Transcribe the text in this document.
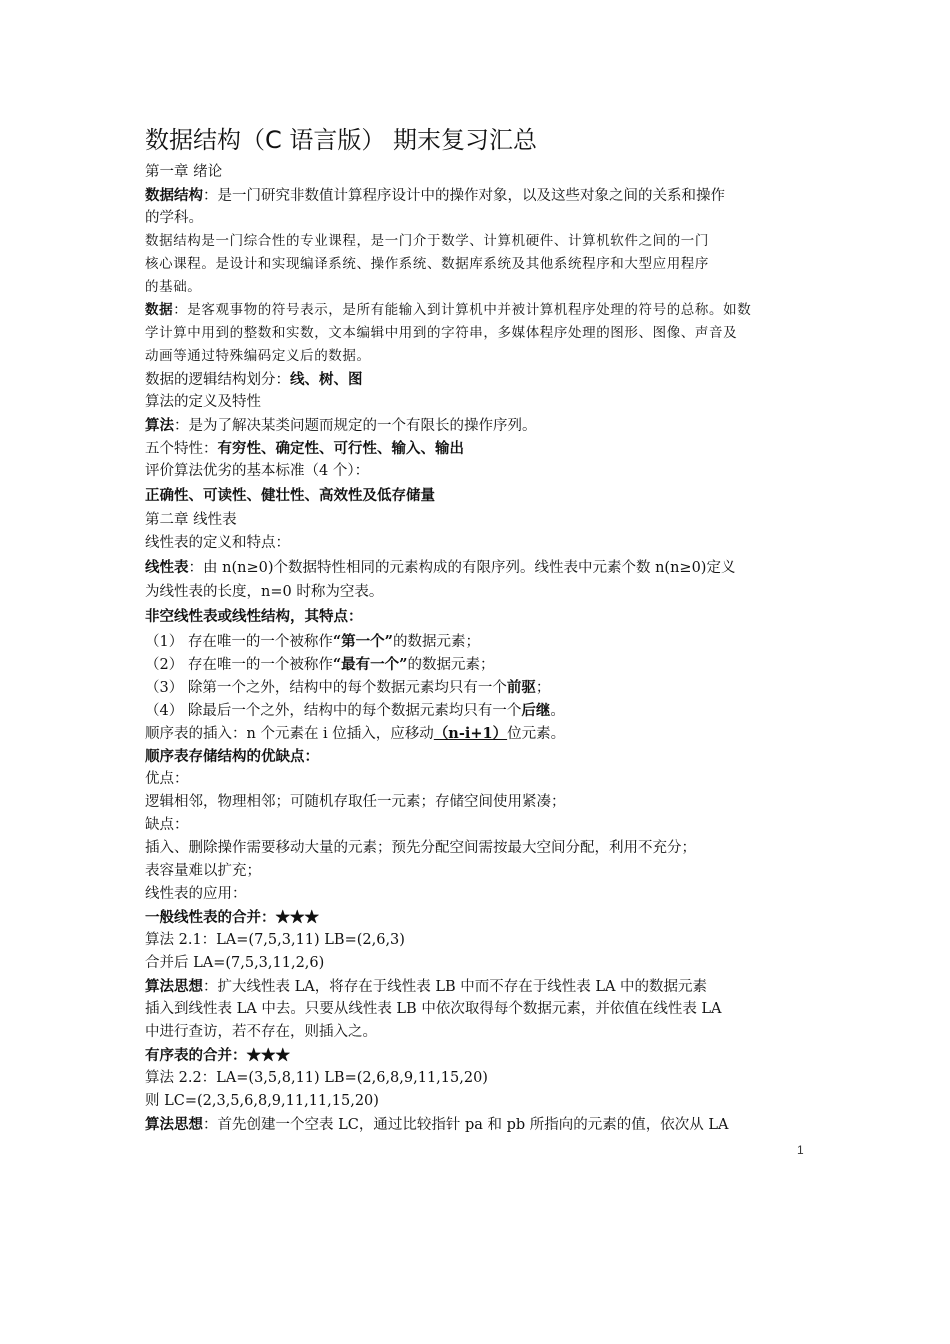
数据结构（C 语言版） 期末复习汇总
第一章 绪论
数据结构：是一门研究非数值计算程序设计中的操作对象，以及这些对象之间的关系和操作
的学科。
数据结构是一门综合性的专业课程，是一门介于数学、计算机硬件、计算机软件之间的一门
核心课程。是设计和实现编译系统、操作系统、数据库系统及其他系统程序和大型应用程序
的基础。
数据：是客观事物的符号表示，是所有能输入到计算机中并被计算机程序处理的符号的总称。如数
学计算中用到的整数和实数，文本编辑中用到的字符串，多媒体程序处理的图形、图像、声音及
动画等通过特殊编码定义后的数据。
数据的逻辑结构划分：线、树、图
算法的定义及特性
算法：是为了解决某类问题而规定的一个有限长的操作序列。
五个特性：有穷性、确定性、可行性、输入、输出
评价算法优劣的基本标准（4 个）：
正确性、可读性、健壮性、高效性及低存储量
第二章 线性表
线性表的定义和特点：
线性表：由 n(n≥0)个数据特性相同的元素构成的有限序列。线性表中元素个数 n(n≥0)定义
为线性表的长度，n=0 时称为空表。
非空线性表或线性结构，其特点：
（1） 存在唯一的一个被称作“第一个”的数据元素；
（2） 存在唯一的一个被称作“最有一个”的数据元素；
（3） 除第一个之外，结构中的每个数据元素均只有一个前驱；
（4） 除最后一个之外，结构中的每个数据元素均只有一个后继。
顺序表的插入：n 个元素在 i 位插入，应移动（n-i+1）位元素。
顺序表存储结构的优缺点：
优点：
逻辑相邻，物理相邻；可随机存取任一元素；存储空间使用紧凑；
缺点：
插入、删除操作需要移动大量的元素；预先分配空间需按最大空间分配，利用不充分；
表容量难以扩充；
线性表的应用：
一般线性表的合并：★★★
算法 2.1：LA=(7,5,3,11) LB=(2,6,3)
合并后 LA=(7,5,3,11,2,6)
算法思想：扩大线性表 LA，将存在于线性表 LB 中而不存在于线性表 LA 中的数据元素
插入到线性表 LA 中去。只要从线性表 LB 中依次取得每个数据元素，并依值在线性表 LA
中进行查访，若不存在，则插入之。
有序表的合并：★★★
算法 2.2：LA=(3,5,8,11) LB=(2,6,8,9,11,15,20)
则 LC=(2,3,5,6,8,9,11,11,15,20)
算法思想：首先创建一个空表 LC，通过比较指针 pa 和 pb 所指向的元素的值，依次从 LA
1
